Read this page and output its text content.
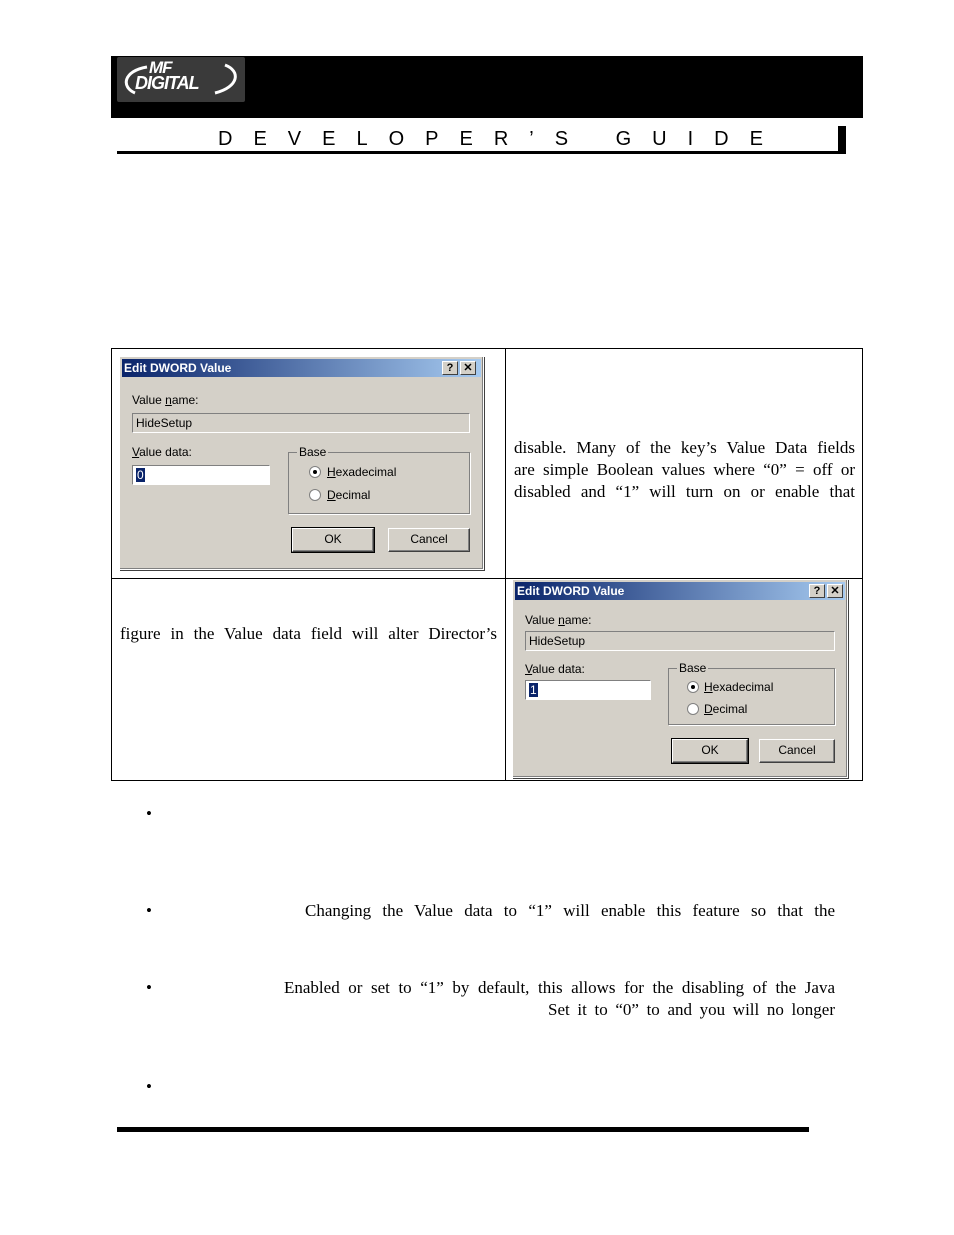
MF
DIGITAL
DEVELOPER’S GUIDE
Edit DWORD Value	? ✕
Value name:
HideSetup
Value data:
0
Base
Hexadecimal
Decimal
OK	Cancel

disable. Many of the key’s Value Data fields

are simple Boolean values where “0” = off or

disabled and “1” will turn on or enable that

figure in the Value data field will alter Director’s

Edit DWORD Value	? ✕
Value name:
HideSetup
Value data:
1
Base
Hexadecimal
Decimal
OK	Cancel
•
•	Changing the Value data to “1” will enable this feature so that the
•	Enabled or set to “1” by default, this allows for the disabling of the Java
Set it to “0” to and you will no longer
•
